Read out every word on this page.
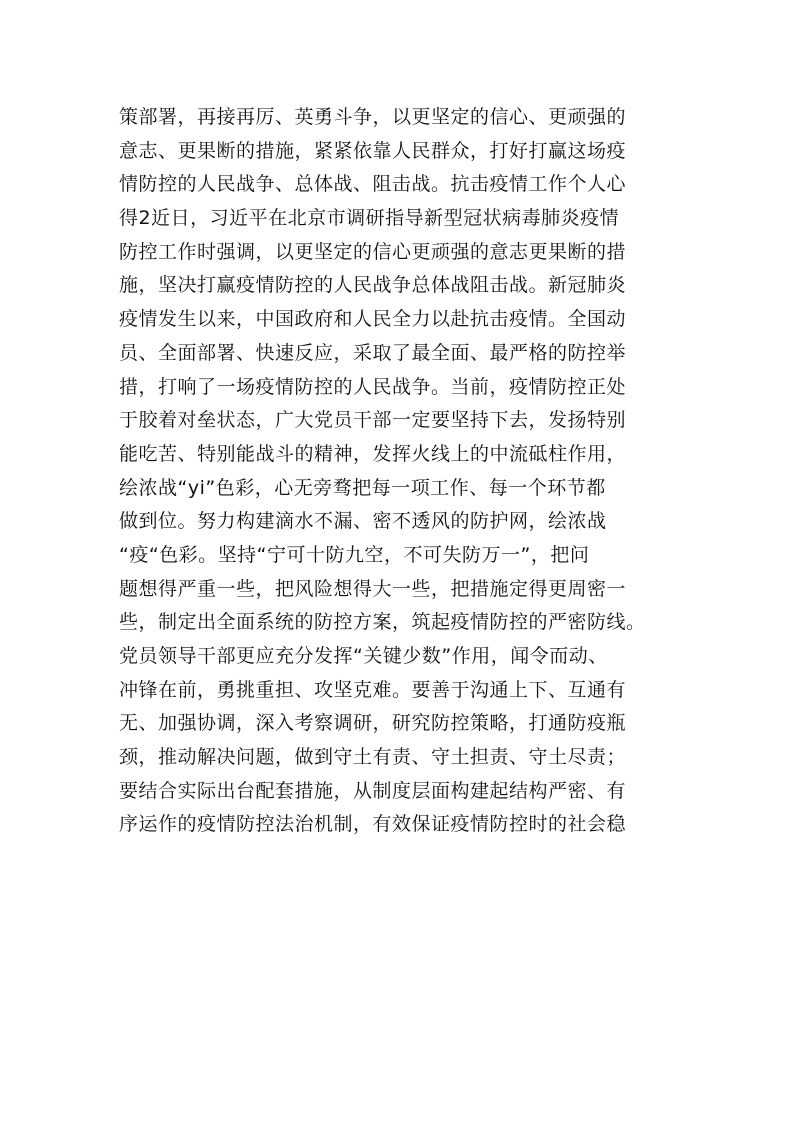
策部署，再接再厉、英勇斗争，以更坚定的信心、更顽强的
意志、更果断的措施，紧紧依靠人民群众，打好打赢这场疫
情防控的人民战争、总体战、阻击战。抗击疫情工作个人心
得2近日，习近平在北京市调研指导新型冠状病毒肺炎疫情
防控工作时强调，以更坚定的信心更顽强的意志更果断的措
施，坚决打赢疫情防控的人民战争总体战阻击战。新冠肺炎
疫情发生以来，中国政府和人民全力以赴抗击疫情。全国动
员、全面部署、快速反应，采取了最全面、最严格的防控举
措，打响了一场疫情防控的人民战争。当前，疫情防控正处
于胶着对垒状态，广大党员干部一定要坚持下去，发扬特别
能吃苦、特别能战斗的精神，发挥火线上的中流砥柱作用，
绘浓战“yi”色彩，心无旁骛把每一项工作、每一个环节都
做到位。努力构建滴水不漏、密不透风的防护网，绘浓战
“疫“色彩。坚持“宁可十防九空，不可失防万一”，把问
题想得严重一些，把风险想得大一些，把措施定得更周密一
些，制定出全面系统的防控方案，筑起疫情防控的严密防线。
党员领导干部更应充分发挥“关键少数”作用，闻令而动、
冲锋在前，勇挑重担、攻坚克难。要善于沟通上下、互通有
无、加强协调，深入考察调研，研究防控策略，打通防疫瓶
颈，推动解决问题，做到守土有责、守土担责、守土尽责；
要结合实际出台配套措施，从制度层面构建起结构严密、有
序运作的疫情防控法治机制，有效保证疫情防控时的社会稳
